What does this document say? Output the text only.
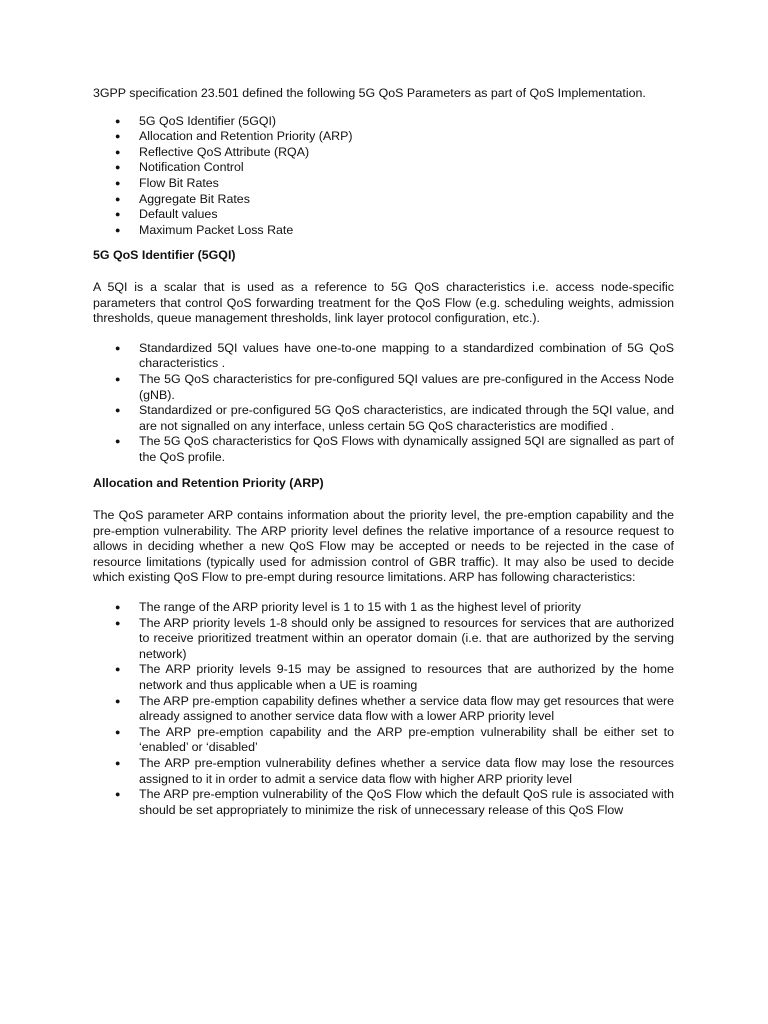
3GPP specification 23.501 defined the following 5G QoS Parameters as part of QoS Implementation.

● 5G QoS Identifier (5GQI)
● Allocation and Retention Priority (ARP)
● Reflective QoS Attribute (RQA)
● Notification Control
● Flow Bit Rates
● Aggregate Bit Rates
● Default values
● Maximum Packet Loss Rate

5G QoS Identifier (5GQI)

A 5QI is a scalar that is used as a reference to 5G QoS characteristics i.e. access node-specific parameters that control QoS forwarding treatment for the QoS Flow (e.g. scheduling weights, admission thresholds, queue management thresholds, link layer protocol configuration, etc.).

● Standardized 5QI values have one-to-one mapping to a standardized combination of 5G QoS characteristics .
● The 5G QoS characteristics for pre-configured 5QI values are pre-configured in the Access Node (gNB).
● Standardized or pre-configured 5G QoS characteristics, are indicated through the 5QI value, and are not signalled on any interface, unless certain 5G QoS characteristics are modified .
● The 5G QoS characteristics for QoS Flows with dynamically assigned 5QI are signalled as part of the QoS profile.

Allocation and Retention Priority (ARP)

The QoS parameter ARP contains information about the priority level, the pre-emption capability and the pre-emption vulnerability. The ARP priority level defines the relative importance of a resource request to allows in deciding whether a new QoS Flow may be accepted or needs to be rejected in the case of resource limitations (typically used for admission control of GBR traffic). It may also be used to decide which existing QoS Flow to pre-empt during resource limitations. ARP has following characteristics:

● The range of the ARP priority level is 1 to 15 with 1 as the highest level of priority
● The ARP priority levels 1-8 should only be assigned to resources for services that are authorized to receive prioritized treatment within an operator domain (i.e. that are authorized by the serving network)
● The ARP priority levels 9-15 may be assigned to resources that are authorized by the home network and thus applicable when a UE is roaming
● The ARP pre-emption capability defines whether a service data flow may get resources that were already assigned to another service data flow with a lower ARP priority level
● The ARP pre-emption capability and the ARP pre-emption vulnerability shall be either set to ‘enabled’ or ‘disabled’
● The ARP pre-emption vulnerability defines whether a service data flow may lose the resources assigned to it in order to admit a service data flow with higher ARP priority level
● The ARP pre-emption vulnerability of the QoS Flow which the default QoS rule is associated with should be set appropriately to minimize the risk of unnecessary release of this QoS Flow
